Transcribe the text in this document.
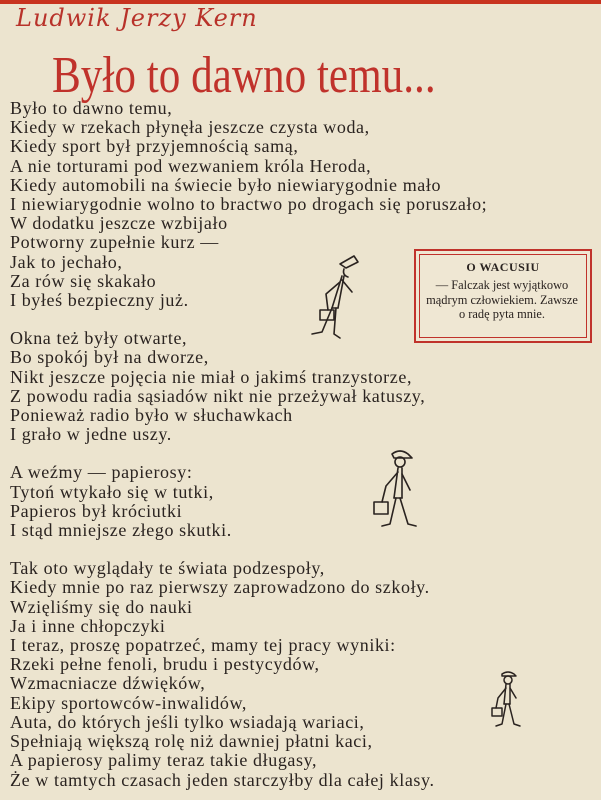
Ludwik Jerzy Kern
Było to dawno temu...
Było to dawno temu,
Kiedy w rzekach płynęła jeszcze czysta woda,
Kiedy sport był przyjemnością samą,
A nie torturami pod wezwaniem króla Heroda,
Kiedy automobili na świecie było niewiarygodnie mało
I niewiarygodnie wolno to bractwo po drogach się poruszało;
W dodatku jeszcze wzbijało
Potworny zupełnie kurz —
Jak to jechało,
Za rów się skakało
I byłeś bezpieczny już.
Okna też były otwarte,
Bo spokój był na dworze,
Nikt jeszcze pojęcia nie miał o jakimś tranzystorze,
Z powodu radia sąsiadów nikt nie przeżywał katuszy,
Ponieważ radio było w słuchawkach
I grało w jedne uszy.
A weźmy — papierosy:
Tytoń wtykało się w tutki,
Papieros był króciutki
I stąd mniejsze złego skutki.
Tak oto wyglądały te świata podzespoły,
Kiedy mnie po raz pierwszy zaprowadzono do szkoły.
Wzięliśmy się do nauki
Ja i inne chłopczyki
I teraz, proszę popatrzeć, mamy tej pracy wyniki:
Rzeki pełne fenoli, brudu i pestycydów,
Wzmacniacze dźwięków,
Ekipy sportowców-inwalidów,
Auta, do których jeśli tylko wsiadają wariaci,
Spełniają większą rolę niż dawniej płatni kaci,
A papierosy palimy teraz takie długasy,
Że w tamtych czasach jeden starczyłby dla całej klasy.
O WACUSIU
— Falczak jest wyjątkowo mądrym człowiekiem. Zawsze o radę pyta mnie.
